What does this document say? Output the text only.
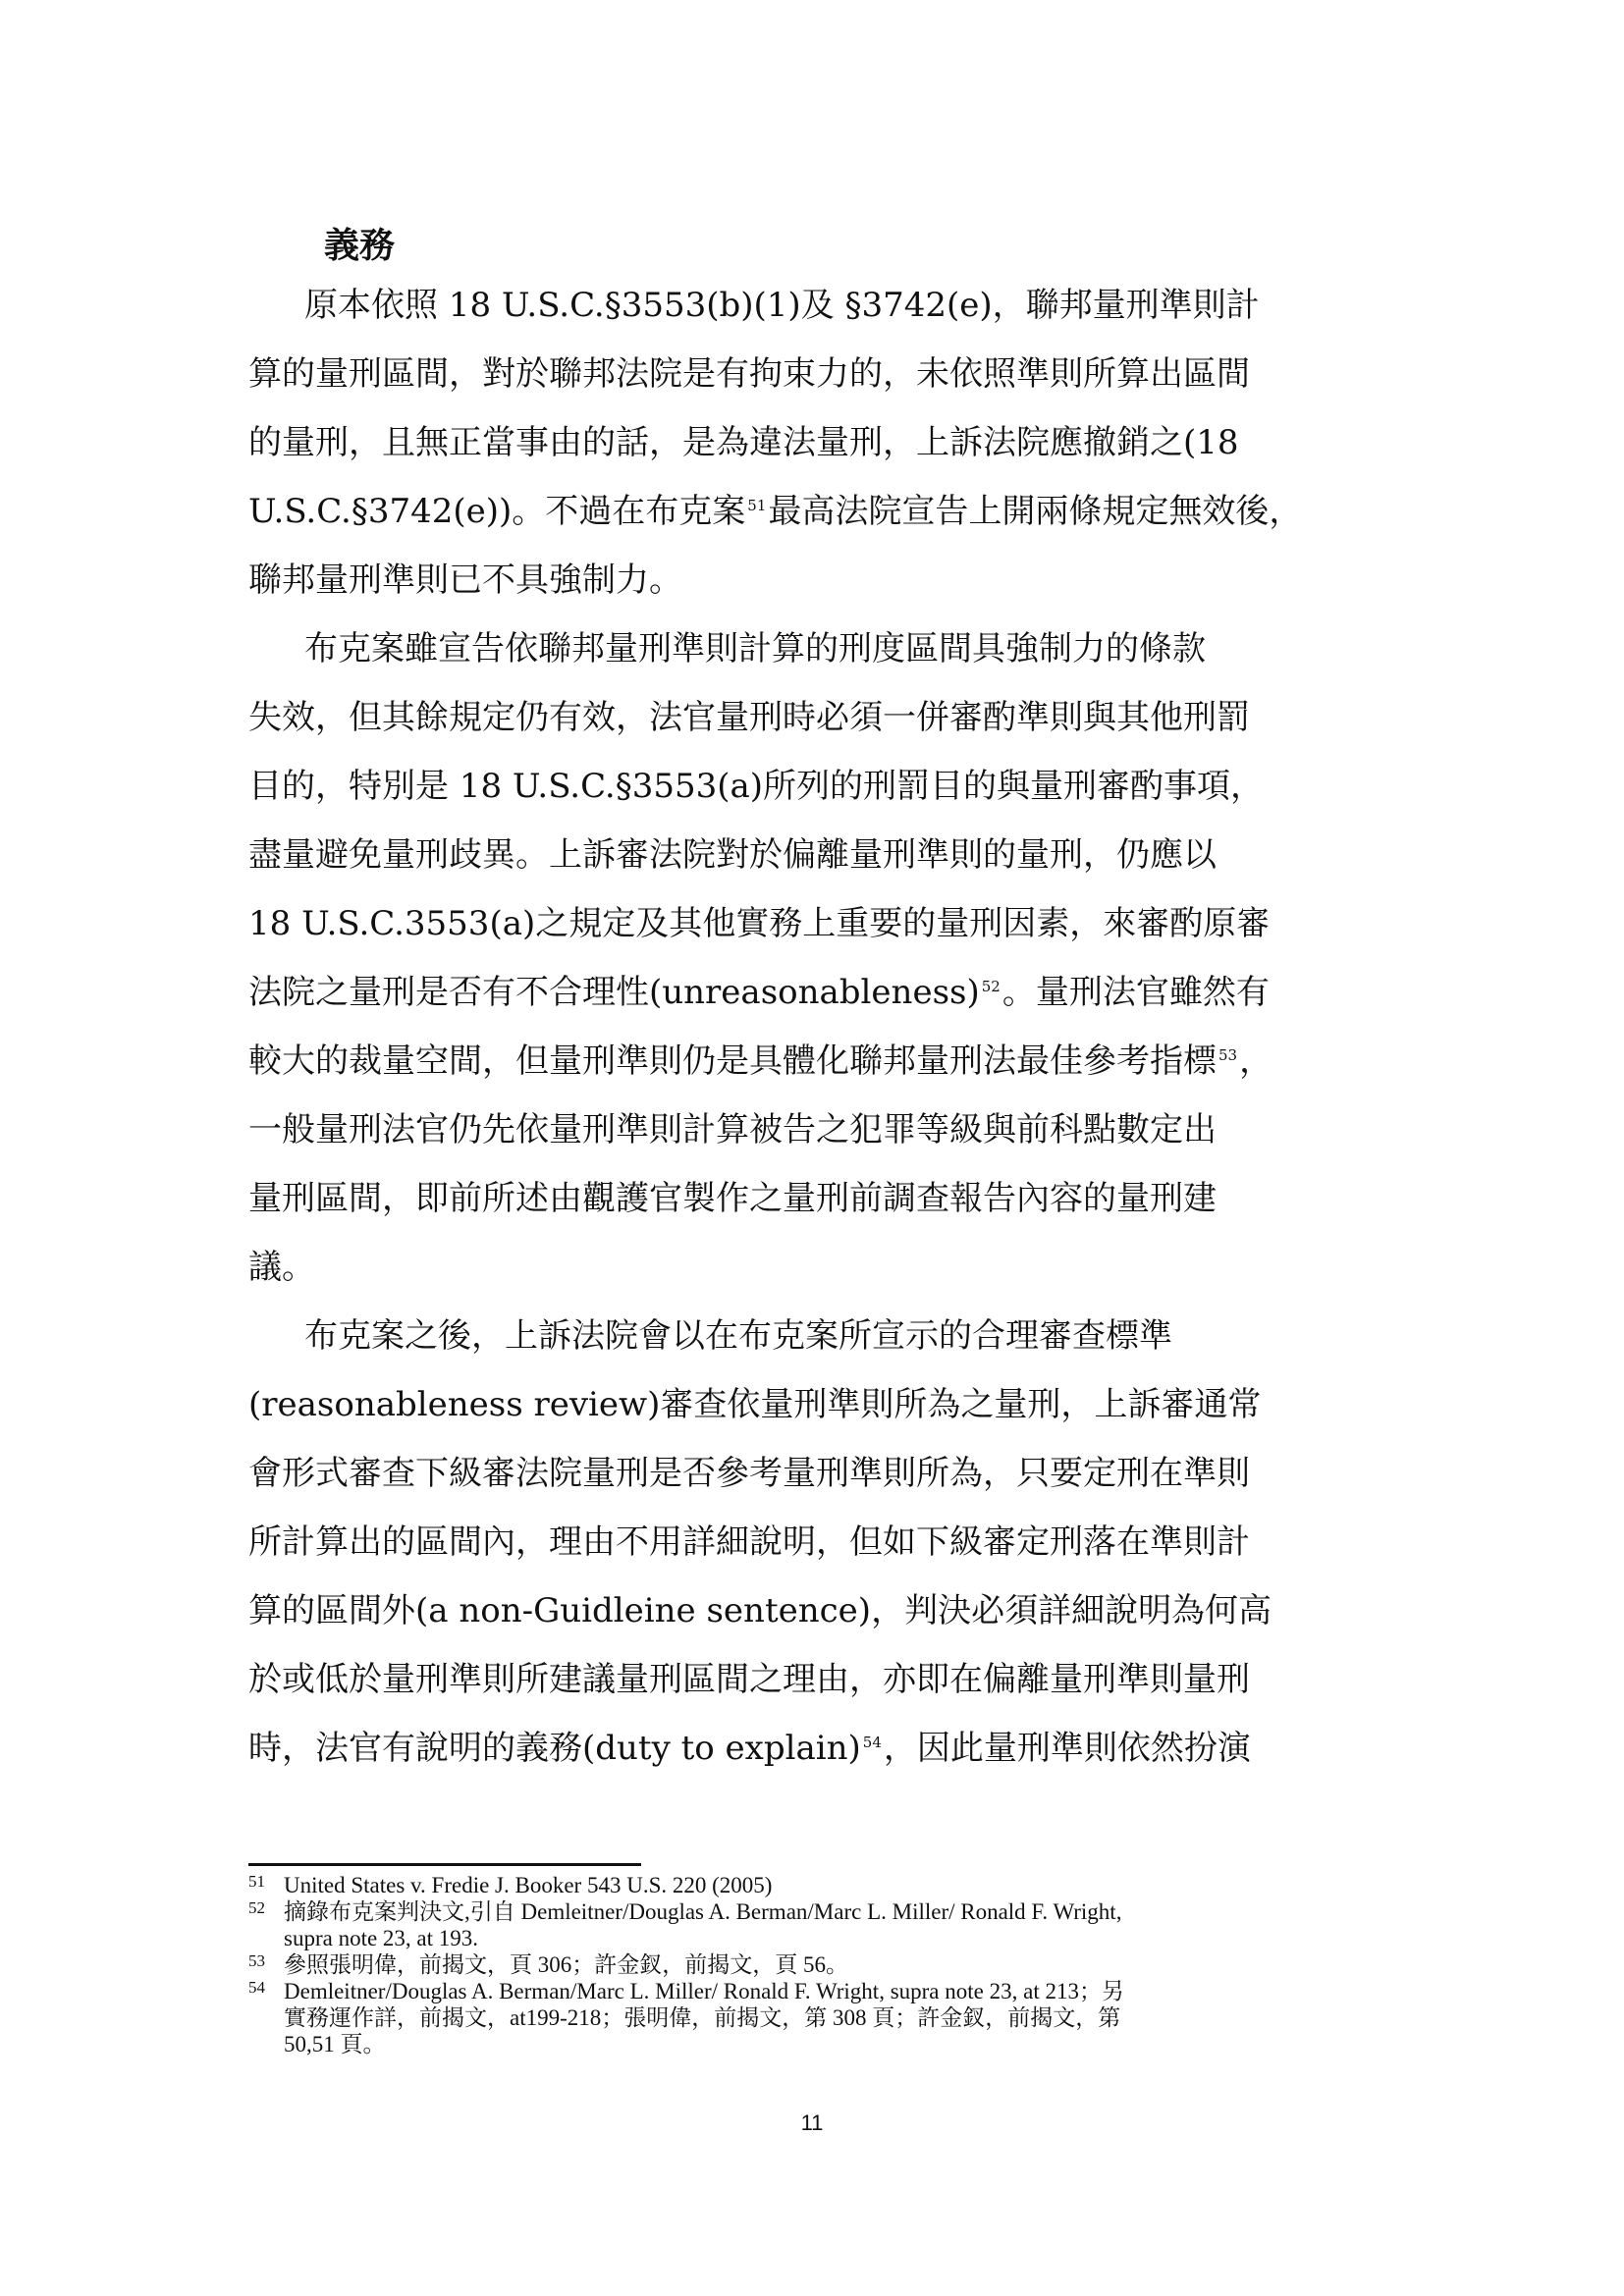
義務
原本依照 18 U.S.C.§3553(b)(1)及 §3742(e)，聯邦量刑準則計
算的量刑區間，對於聯邦法院是有拘束力的，未依照準則所算出區間
的量刑，且無正當事由的話，是為違法量刑，上訴法院應撤銷之(18
U.S.C.§3742(e))。不過在布克案 $^{51}$最高法院宣告上開兩條規定無效後，
聯邦量刑準則已不具強制力。
布克案雖宣告依聯邦量刑準則計算的刑度區間具強制力的條款
失效，但其餘規定仍有效，法官量刑時必須一併審酌準則與其他刑罰
目的，特別是 18 U.S.C.§3553(a)所列的刑罰目的與量刑審酌事項，
盡量避免量刑歧異。上訴審法院對於偏離量刑準則的量刑，仍應以
18 U.S.C.3553(a)之規定及其他實務上重要的量刑因素，來審酌原審
法院之量刑是否有不合理性(unreasonableness) $^{52}$。量刑法官雖然有
較大的裁量空間，但量刑準則仍是具體化聯邦量刑法最佳參考指標 $^{53}$，
一般量刑法官仍先依量刑準則計算被告之犯罪等級與前科點數定出
量刑區間，即前所述由觀護官製作之量刑前調查報告內容的量刑建
議。
布克案之後，上訴法院會以在布克案所宣示的合理審查標準
(reasonableness review)審查依量刑準則所為之量刑，上訴審通常
會形式審查下級審法院量刑是否參考量刑準則所為，只要定刑在準則
所計算出的區間內，理由不用詳細說明，但如下級審定刑落在準則計
算的區間外(a non-Guidleine sentence)，判決必須詳細說明為何高
於或低於量刑準則所建議量刑區間之理由，亦即在偏離量刑準則量刑
時，法官有說明的義務(duty to explain) $^{54}$，因此量刑準則依然扮演
51 United States v. Fredie J. Booker 543 U.S. 220 (2005)
52 摘錄布克案判決文,引自 Demleitner/Douglas A. Berman/Marc L. Miller/ Ronald F. Wright,
supra note 23, at 193.
53 參照張明偉，前揭文，頁 306；許金釵，前揭文，頁 56。
54 Demleitner/Douglas A. Berman/Marc L. Miller/ Ronald F. Wright, supra note 23, at 213；另
實務運作詳，前揭文，at199-218；張明偉，前揭文，第 308 頁；許金釵，前揭文，第
50,51 頁。
11
